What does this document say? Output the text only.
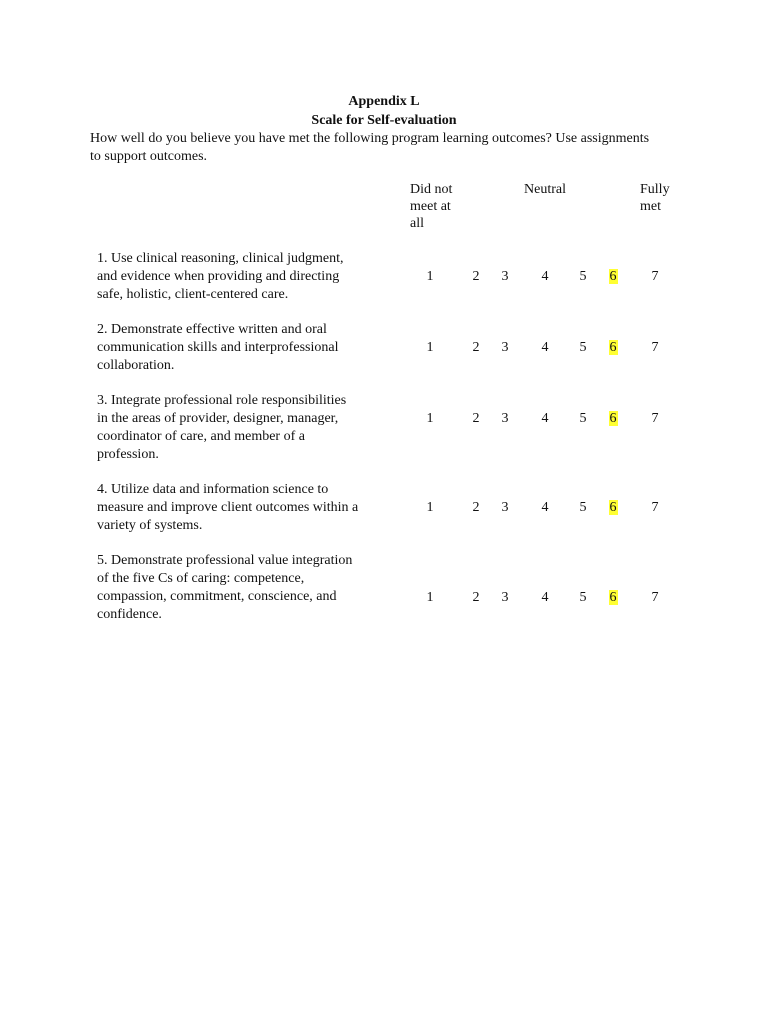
Appendix L
Scale for Self-evaluation
How well do you believe you have met the following program learning outcomes? Use assignments to support outcomes.
Did not
meet at
all
Neutral	Fully
met
1. Use clinical reasoning, clinical judgment,
and evidence when providing and directing
safe, holistic, client-centered care.
1	2	3	4	5	6	7
2. Demonstrate effective written and oral
communication skills and interprofessional
collaboration.
1	2	3	4	5	6	7
3. Integrate professional role responsibilities
in the areas of provider, designer, manager,
coordinator of care, and member of a
profession.
1	2	3	4	5	6	7
4. Utilize data and information science to
measure and improve client outcomes within a
variety of systems.
1	2	3	4	5	6	7
5. Demonstrate professional value integration
of the five Cs of caring: competence,
compassion, commitment, conscience, and
confidence.
1	2	3	4	5	6	7
